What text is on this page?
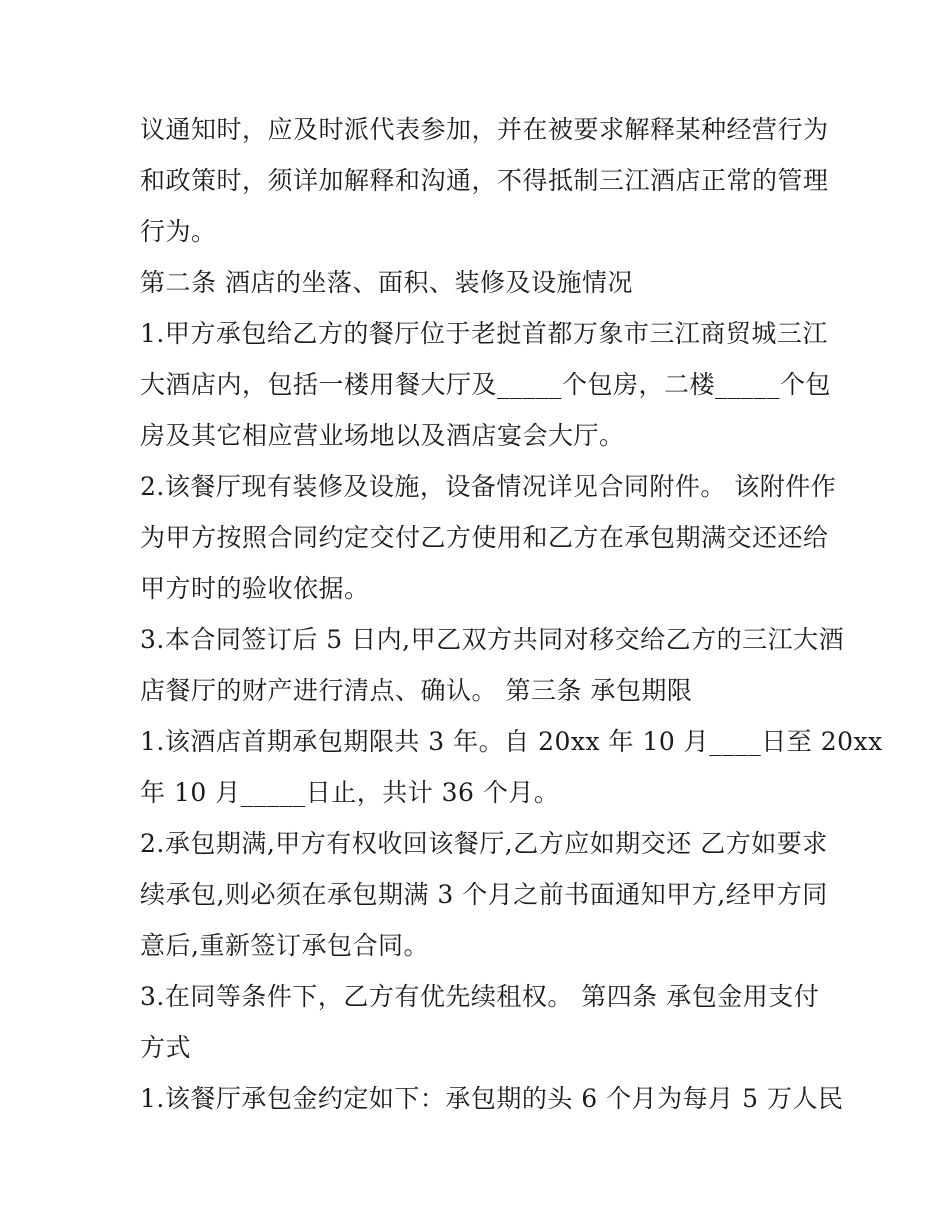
议通知时，应及时派代表参加，并在被要求解释某种经营行为
和政策时，须详加解释和沟通，不得抵制三江酒店正常的管理
行为。
第二条 酒店的坐落、面积、装修及设施情况
1.甲方承包给乙方的餐厅位于老挝首都万象市三江商贸城三江
大酒店内，包括一楼用餐大厅及_____个包房，二楼_____个包
房及其它相应营业场地以及酒店宴会大厅。
2.该餐厅现有装修及设施，设备情况详见合同附件。 该附件作
为甲方按照合同约定交付乙方使用和乙方在承包期满交还还给
甲方时的验收依据。
3.本合同签订后 5 日内,甲乙双方共同对移交给乙方的三江大酒
店餐厅的财产进行清点、确认。 第三条 承包期限
1.该酒店首期承包期限共 3 年。自 20xx 年 10 月____日至 20xx
年 10 月_____日止，共计 36 个月。
2.承包期满,甲方有权收回该餐厅,乙方应如期交还 乙方如要求
续承包,则必须在承包期满 3 个月之前书面通知甲方,经甲方同
意后,重新签订承包合同。
3.在同等条件下，乙方有优先续租权。 第四条 承包金用支付
方式
1.该餐厅承包金约定如下：承包期的头 6 个月为每月 5 万人民
